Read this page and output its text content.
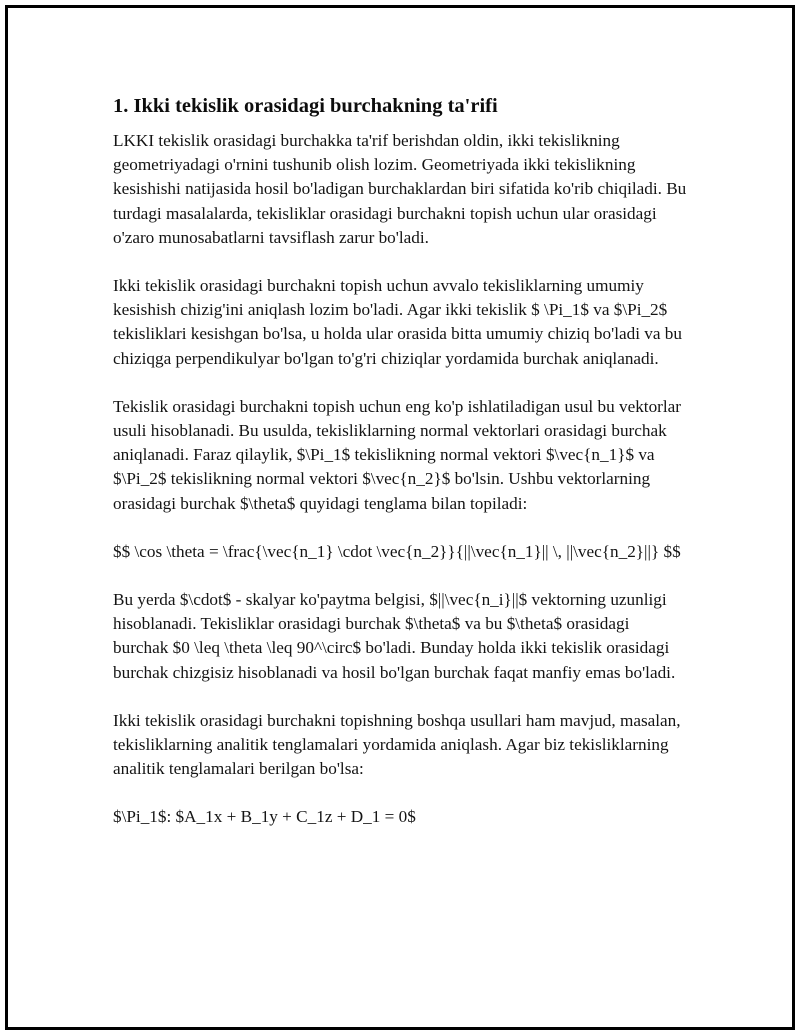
1. Ikki tekislik orasidagi burchakning ta'rifi

LKKI tekislik orasidagi burchakka ta'rif berishdan oldin, ikki tekislikning geometriyadagi o'rnini tushunib olish lozim. Geometriyada ikki tekislikning kesishishi natijasida hosil bo'ladigan burchaklardan biri sifatida ko'rib chiqiladi. Bu turdagi masalalarda, tekisliklar orasidagi burchakni topish uchun ular orasidagi o'zaro munosabatlarni tavsiflash zarur bo'ladi.

Ikki tekislik orasidagi burchakni topish uchun avvalo tekisliklarning umumiy kesishish chizig'ini aniqlash lozim bo'ladi. Agar ikki tekislik $ \Pi_1$ va $\Pi_2$ tekisliklari kesishgan bo'lsa, u holda ular orasida bitta umumiy chiziq bo'ladi va bu chiziqga perpendikulyar bo'lgan to'g'ri chiziqlar yordamida burchak aniqlanadi.

Tekislik orasidagi burchakni topish uchun eng ko'p ishlatiladigan usul bu vektorlar usuli hisoblanadi. Bu usulda, tekisliklarning normal vektorlari orasidagi burchak aniqlanadi. Faraz qilaylik, $\Pi_1$ tekislikning normal vektori $\vec{n_1}$ va $\Pi_2$ tekislikning normal vektori $\vec{n_2}$ bo'lsin. Ushbu vektorlarning orasidagi burchak $\theta$ quyidagi tenglama bilan topiladi:

$$ \cos \theta = \frac{\vec{n_1} \cdot \vec{n_2}}{||\vec{n_1}|| \, ||\vec{n_2}||} $$

Bu yerda $\cdot$ - skalyar ko'paytma belgisi, $||\vec{n_i}||$ vektorning uzunligi hisoblanadi. Tekisliklar orasidagi burchak $\theta$ va bu $\theta$ orasidagi burchak $0 \leq \theta \leq 90^\circ$ bo'ladi. Bunday holda ikki tekislik orasidagi burchak chizgisiz hisoblanadi va hosil bo'lgan burchak faqat manfiy emas bo'ladi.

Ikki tekislik orasidagi burchakni topishning boshqa usullari ham mavjud, masalan, tekisliklarning analitik tenglamalari yordamida aniqlash. Agar biz tekisliklarning analitik tenglamalari berilgan bo'lsa:

$\Pi_1$: $A_1x + B_1y + C_1z + D_1 = 0$
